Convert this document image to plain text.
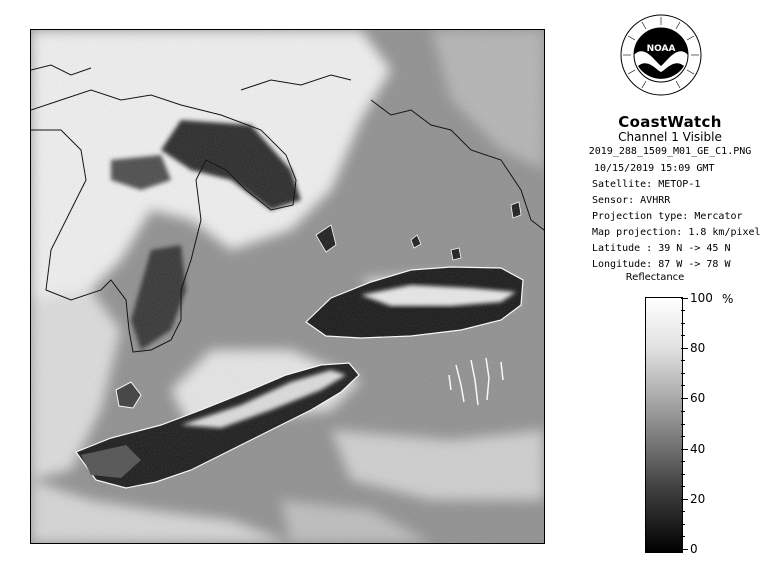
NOAA
CoastWatch
Channel 1 Visible
2019_288_1509_M01_GE_C1.PNG
10/15/2019 15:09 GMT
Satellite: METOP-1
Sensor: AVHRR
Projection type: Mercator
Map projection: 1.8 km/pixel
Latitude : 39 N -> 45 N
Longitude: 87 W -> 78 W
Reflectance
%
0
20
40
60
80
100
